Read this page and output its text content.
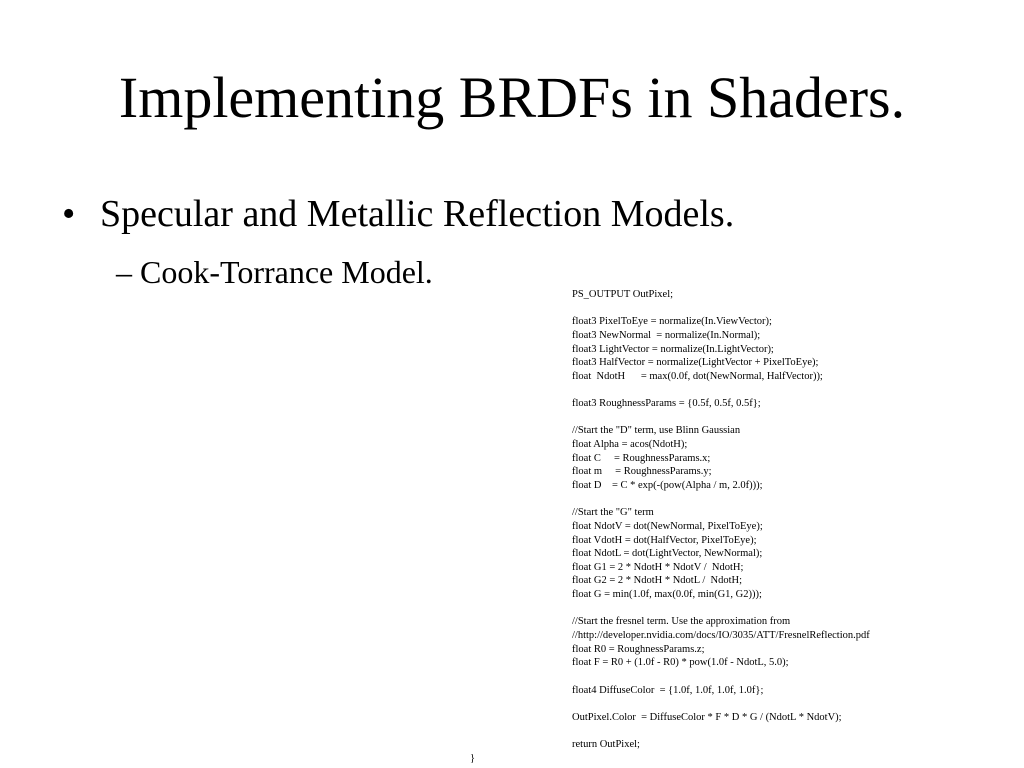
Implementing BRDFs in Shaders.
• Specular and Metallic Reflection Models.
– Cook-Torrance Model.
PS_OUTPUT OutPixel;
float3 PixelToEye = normalize(In.ViewVector);
float3 NewNormal  = normalize(In.Normal);
float3 LightVector = normalize(In.LightVector);
float3 HalfVector = normalize(LightVector + PixelToEye);
float  NdotH      = max(0.0f, dot(NewNormal, HalfVector));
float3 RoughnessParams = {0.5f, 0.5f, 0.5f};
//Start the "D" term, use Blinn Gaussian
float Alpha = acos(NdotH);
float C     = RoughnessParams.x;
float m     = RoughnessParams.y;
float D    = C * exp(-(pow(Alpha / m, 2.0f)));
//Start the "G" term
float NdotV = dot(NewNormal, PixelToEye);
float VdotH = dot(HalfVector, PixelToEye);
float NdotL = dot(LightVector, NewNormal);
float G1 = 2 * NdotH * NdotV /  NdotH;
float G2 = 2 * NdotH * NdotL /  NdotH;
float G = min(1.0f, max(0.0f, min(G1, G2)));
//Start the fresnel term. Use the approximation from
//http://developer.nvidia.com/docs/IO/3035/ATT/FresnelReflection.pdf
float R0 = RoughnessParams.z;
float F = R0 + (1.0f - R0) * pow(1.0f - NdotL, 5.0);
float4 DiffuseColor  = {1.0f, 1.0f, 1.0f, 1.0f};
OutPixel.Color  = DiffuseColor * F * D * G / (NdotL * NdotV);
return OutPixel;
}
